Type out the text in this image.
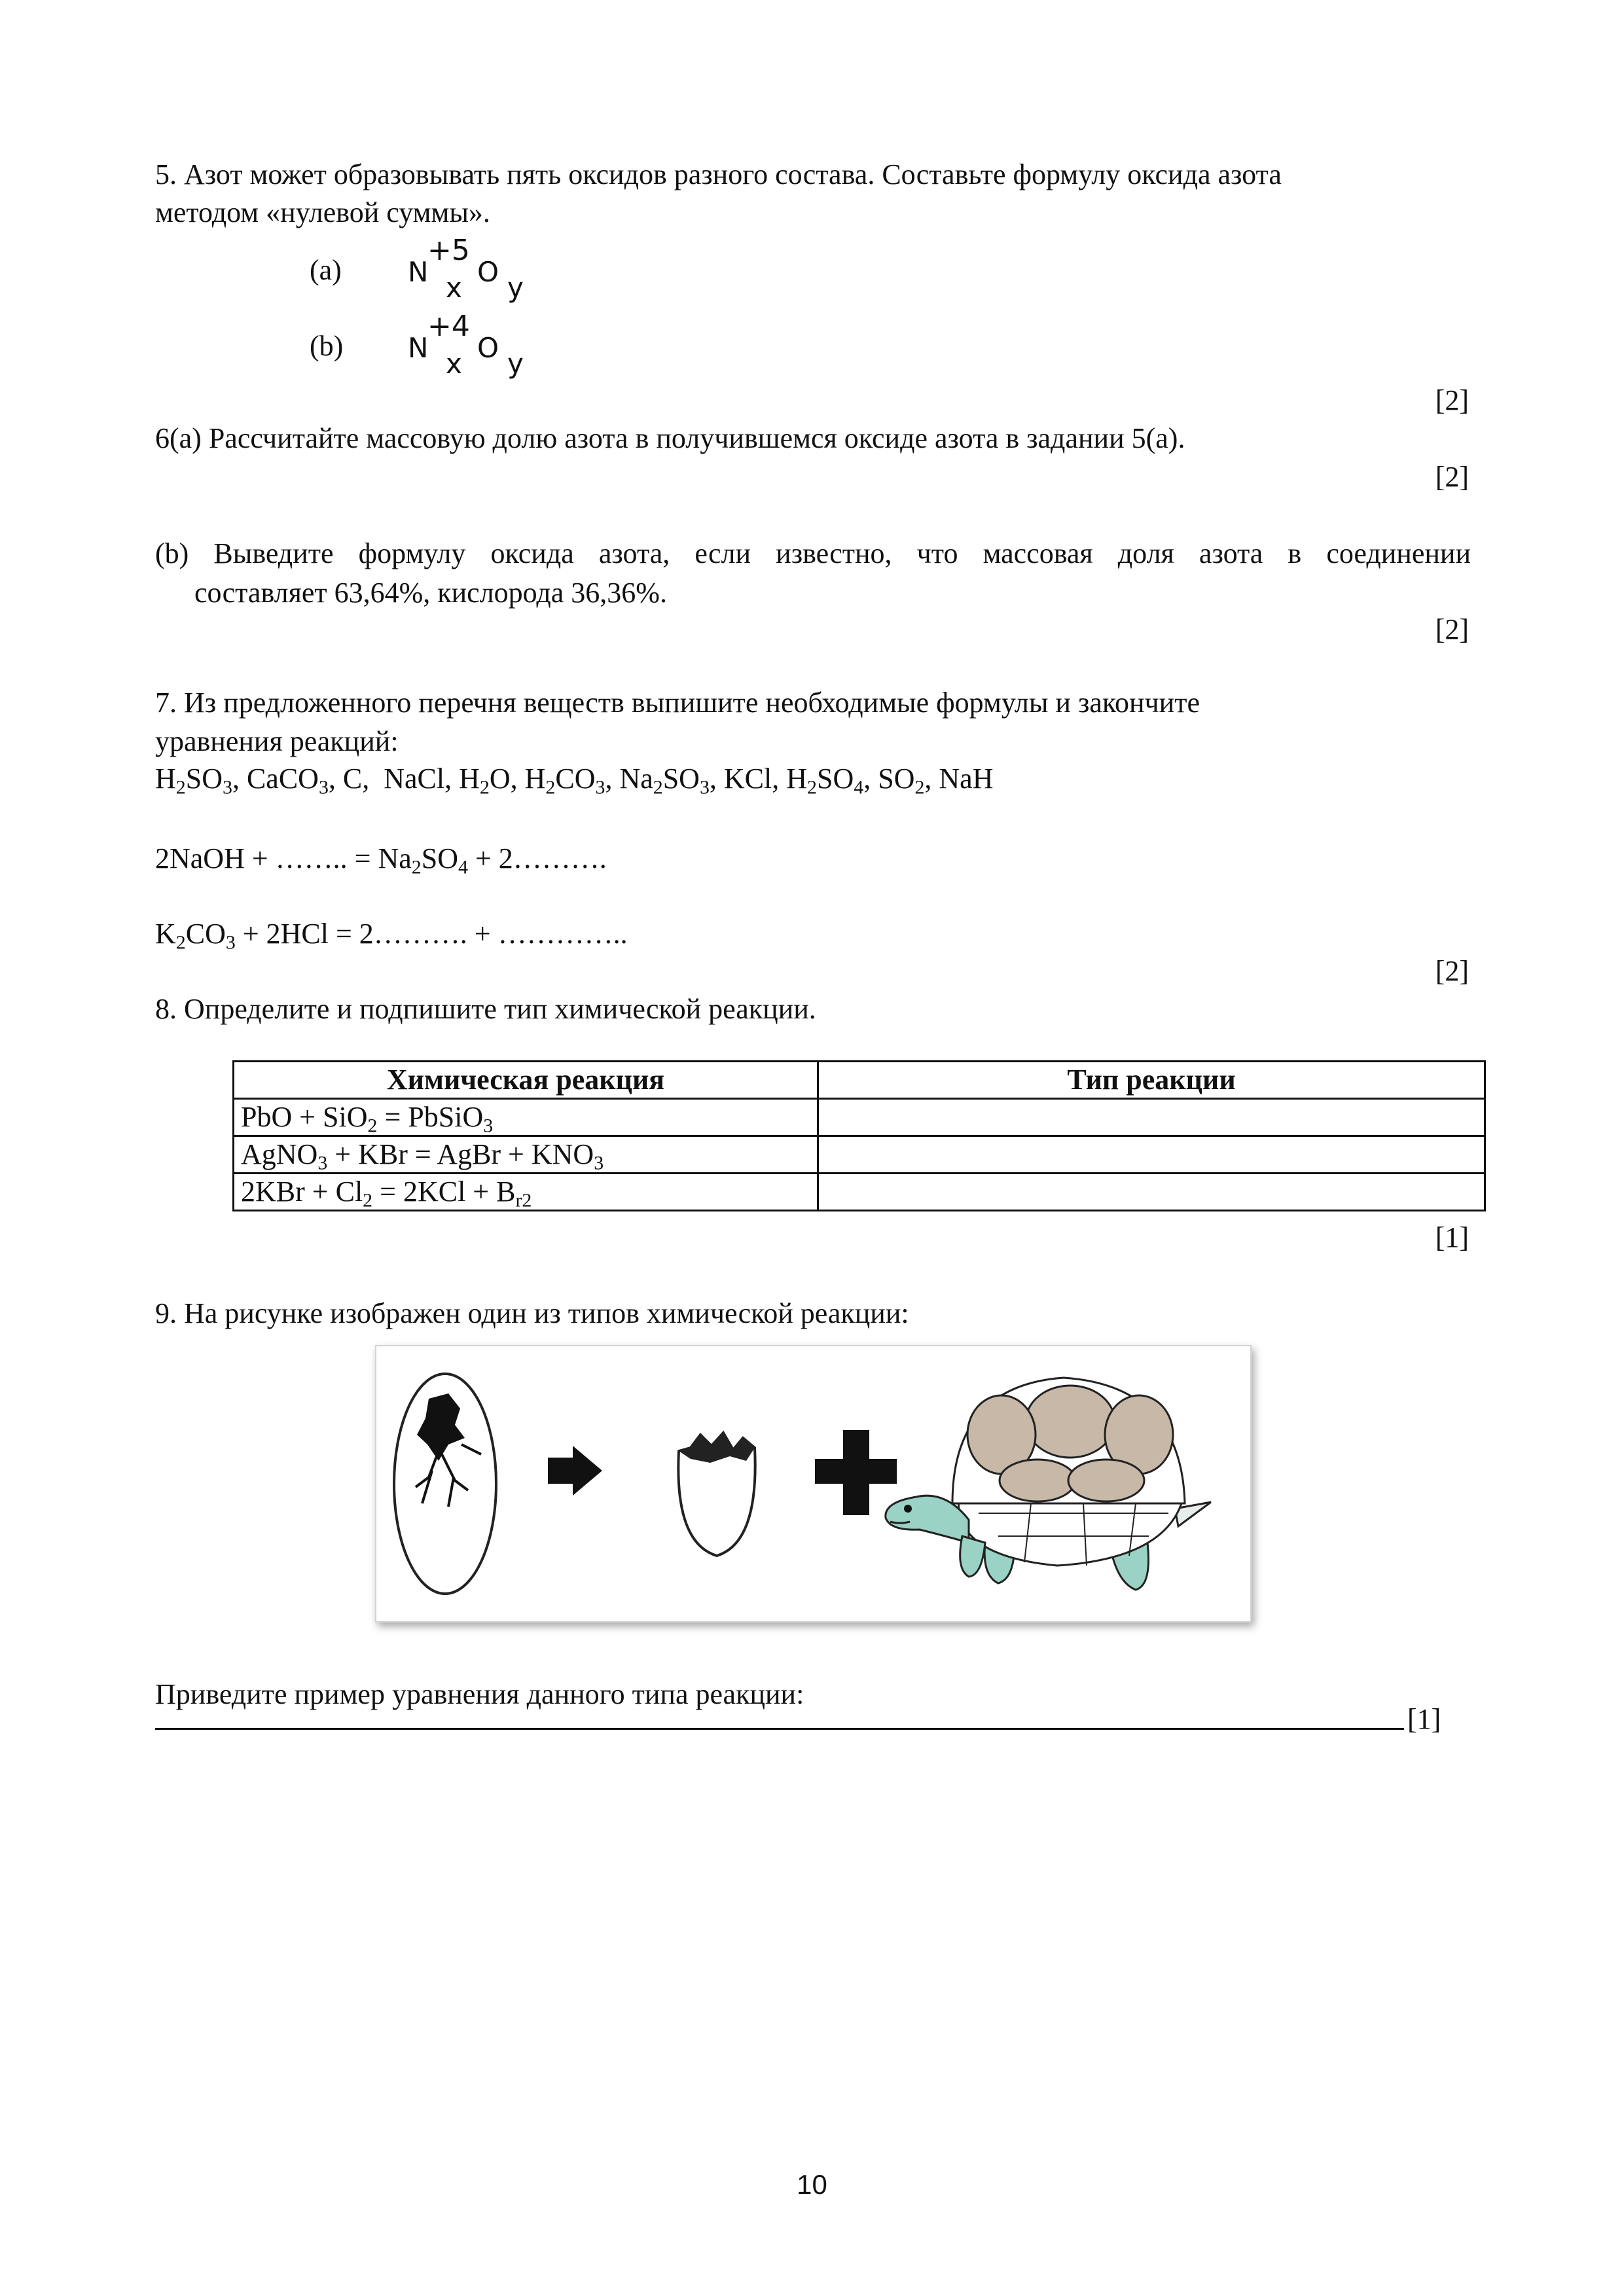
5. Азот может образовывать пять оксидов разного состава. Составьте формулу оксида азота
методом «нулевой суммы».
(a) N
+5
x O y
(b) N
+4
x O y
[2]
6(a) Рассчитайте массовую долю азота в получившемся оксиде азота в задании 5(a).
[2]
(b) Выведите формулу оксида азота, если известно, что массовая доля азота в соединении
составляет 63,64%, кислорода 36,36%.
[2]
7. Из предложенного перечня веществ выпишите необходимые формулы и закончите
уравнения реакций:
$H_2SO_3$, CaCO$_3$, C,  NaCl, $H_2O$, $H_2CO_3$, $Na_2SO_3$, KCl, $H_2SO_4$, $SO_2$, NaH
2NaOH + …….. = $Na_2SO_4$ + 2……….
$K_2CO_3 + 2HCl$ = 2………. + …………..
[2]
8. Определите и подпишите тип химической реакции.
Химическая реакция	Тип реакции
PbO + SiO$_2$ = PbSiO$_3$	
AgNO$_3$ + KBr = AgBr + $KNO_3$	
$2KBr + Cl_2 = 2KCl + B_{r2}$	
[1]
9. На рисунке изображен один из типов химической реакции:
Приведите пример уравнения данного типа реакции:
[1]
10
